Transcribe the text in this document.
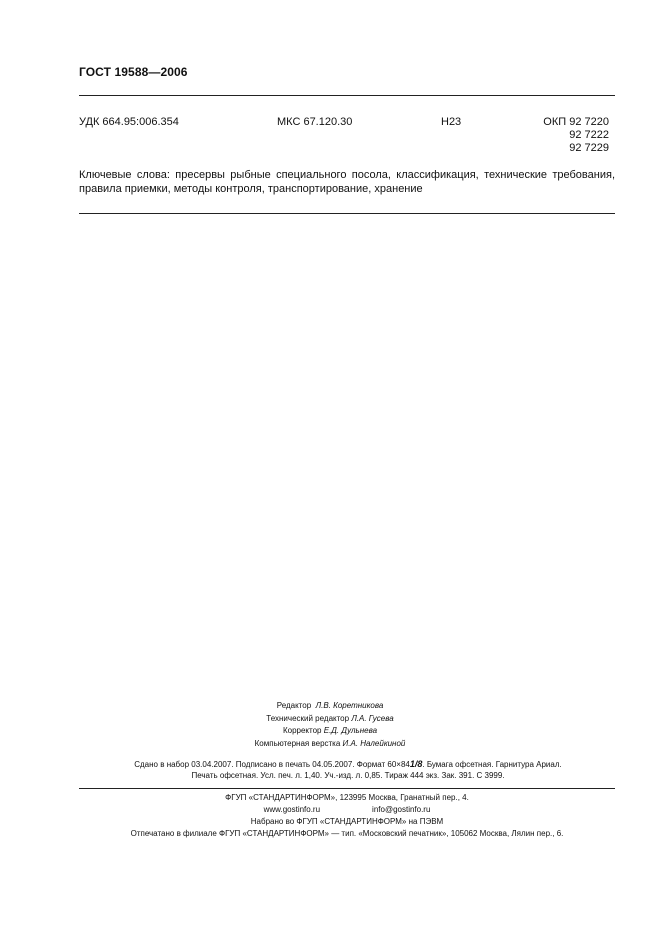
ГОСТ 19588—2006
УДК 664.95:006.354	МКС 67.120.30	Н23	ОКП 92 7220
92 7222
92 7229
Ключевые слова: пресервы рыбные специального посола, классификация, технические требования, правила приемки, методы контроля, транспортирование, хранение
Редактор Л.В. Коретникова
Технический редактор Л.А. Гусева
Корректор Е.Д. Дульнева
Компьютерная верстка И.А. Налейкиной
Сдано в набор 03.04.2007. Подписано в печать 04.05.2007. Формат 60×841/8. Бумага офсетная. Гарнитура Ариал.
Печать офсетная. Усл. печ. л. 1,40. Уч.-изд. л. 0,85. Тираж 444 экз. Зак. 391. С 3999.
ФГУП «СТАНДАРТИНФОРМ», 123995 Москва, Гранатный пер., 4.
www.gostinfo.ru	info@gostinfo.ru
Набрано во ФГУП «СТАНДАРТИНФОРМ» на ПЭВМ
Отпечатано в филиале ФГУП «СТАНДАРТИНФОРМ» — тип. «Московский печатник», 105062 Москва, Лялин пер., 6.
